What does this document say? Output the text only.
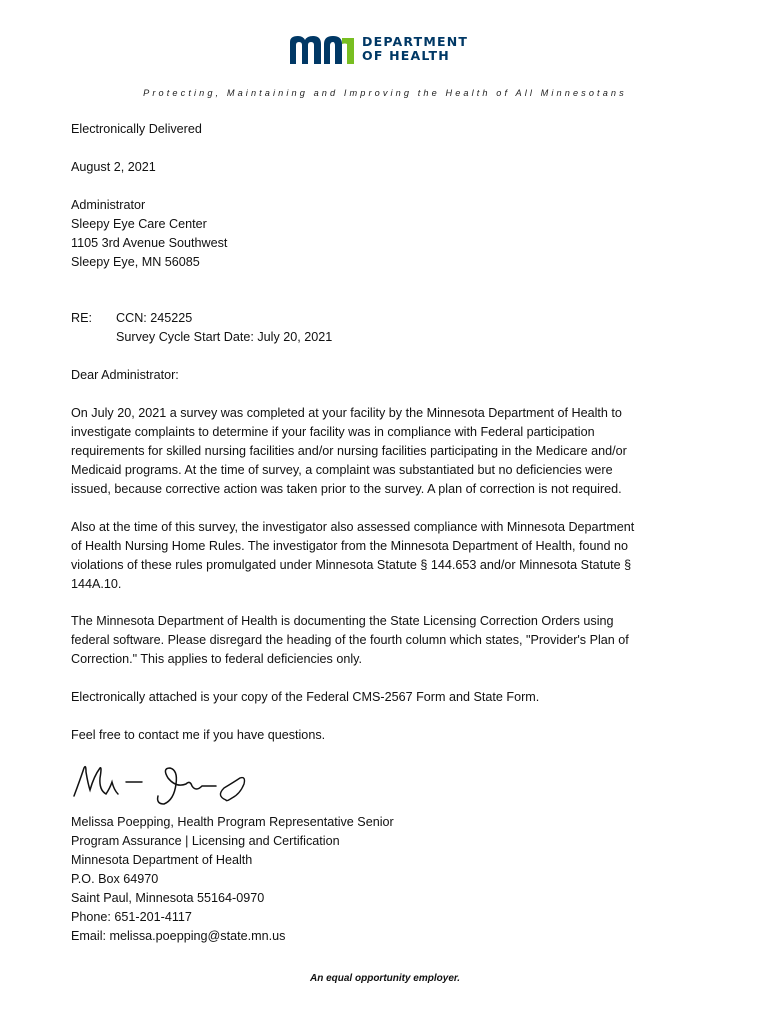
DEPARTMENT
OF HEALTH
Protecting, Maintaining and Improving the Health of All Minnesotans
Electronically Delivered
August 2, 2021
Administrator
Sleepy Eye Care Center
1105 3rd Avenue Southwest
Sleepy Eye, MN 56085
RE: CCN: 245225
Survey Cycle Start Date: July 20, 2021
Dear Administrator:
On July 20, 2021 a survey was completed at your facility by the Minnesota Department of Health to
investigate complaints to determine if your facility was in compliance with Federal participation
requirements for skilled nursing facilities and/or nursing facilities participating in the Medicare and/or
Medicaid programs. At the time of survey, a complaint was substantiated but no deficiencies were
issued, because corrective action was taken prior to the survey. A plan of correction is not required.
Also at the time of this survey, the investigator also assessed compliance with Minnesota Department
of Health Nursing Home Rules. The investigator from the Minnesota Department of Health, found no
violations of these rules promulgated under Minnesota Statute § 144.653 and/or Minnesota Statute §
144A.10.
The Minnesota Department of Health is documenting the State Licensing Correction Orders using
federal software. Please disregard the heading of the fourth column which states, "Provider's Plan of
Correction." This applies to federal deficiencies only.
Electronically attached is your copy of the Federal CMS-2567 Form and State Form.
Feel free to contact me if you have questions.
Melissa Poepping, Health Program Representative Senior
Program Assurance | Licensing and Certification
Minnesota Department of Health
P.O. Box 64970
Saint Paul, Minnesota 55164-0970
Phone: 651-201-4117
Email: melissa.poepping@state.mn.us
An equal opportunity employer.
